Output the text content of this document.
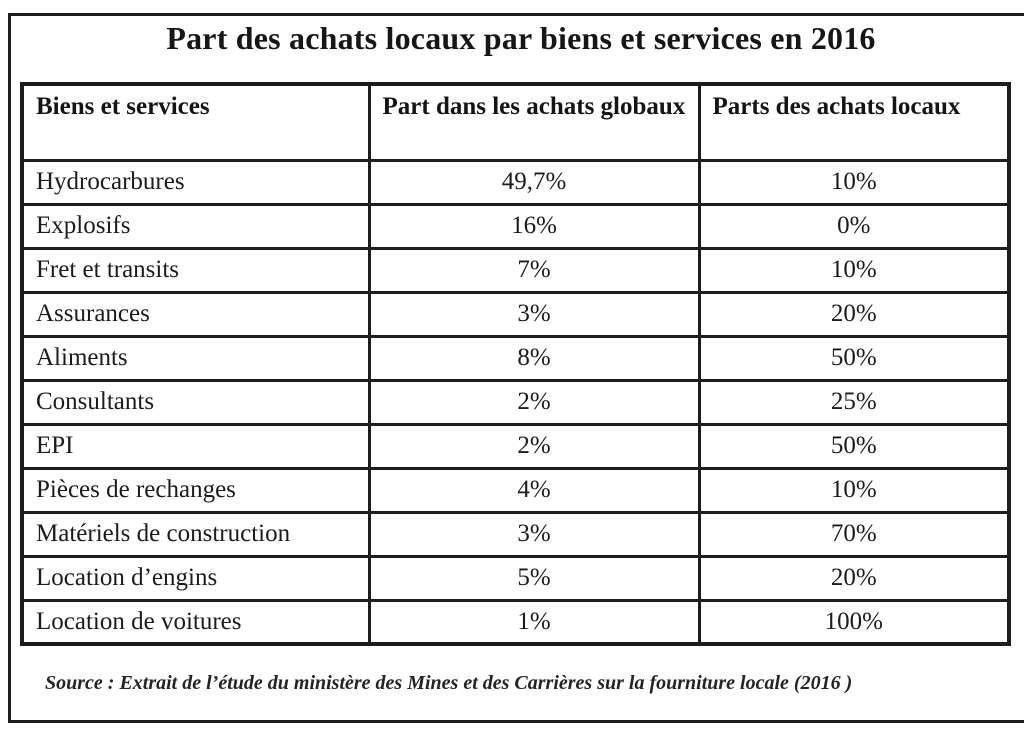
Part des achats locaux par biens et services en 2016
Biens et services	Part dans les achats globaux	Parts des achats locaux
Hydrocarbures	49,7%	10%
Explosifs	16%	0%
Fret et transits	7%	10%
Assurances	3%	20%
Aliments	8%	50%
Consultants	2%	25%
EPI	2%	50%
Pièces de rechanges	4%	10%
Matériels de construction	3%	70%
Location d’engins	5%	20%
Location de voitures	1%	100%

Source : Extrait de l’étude du ministère des Mines et des Carrières sur la fourniture locale (2016 )
